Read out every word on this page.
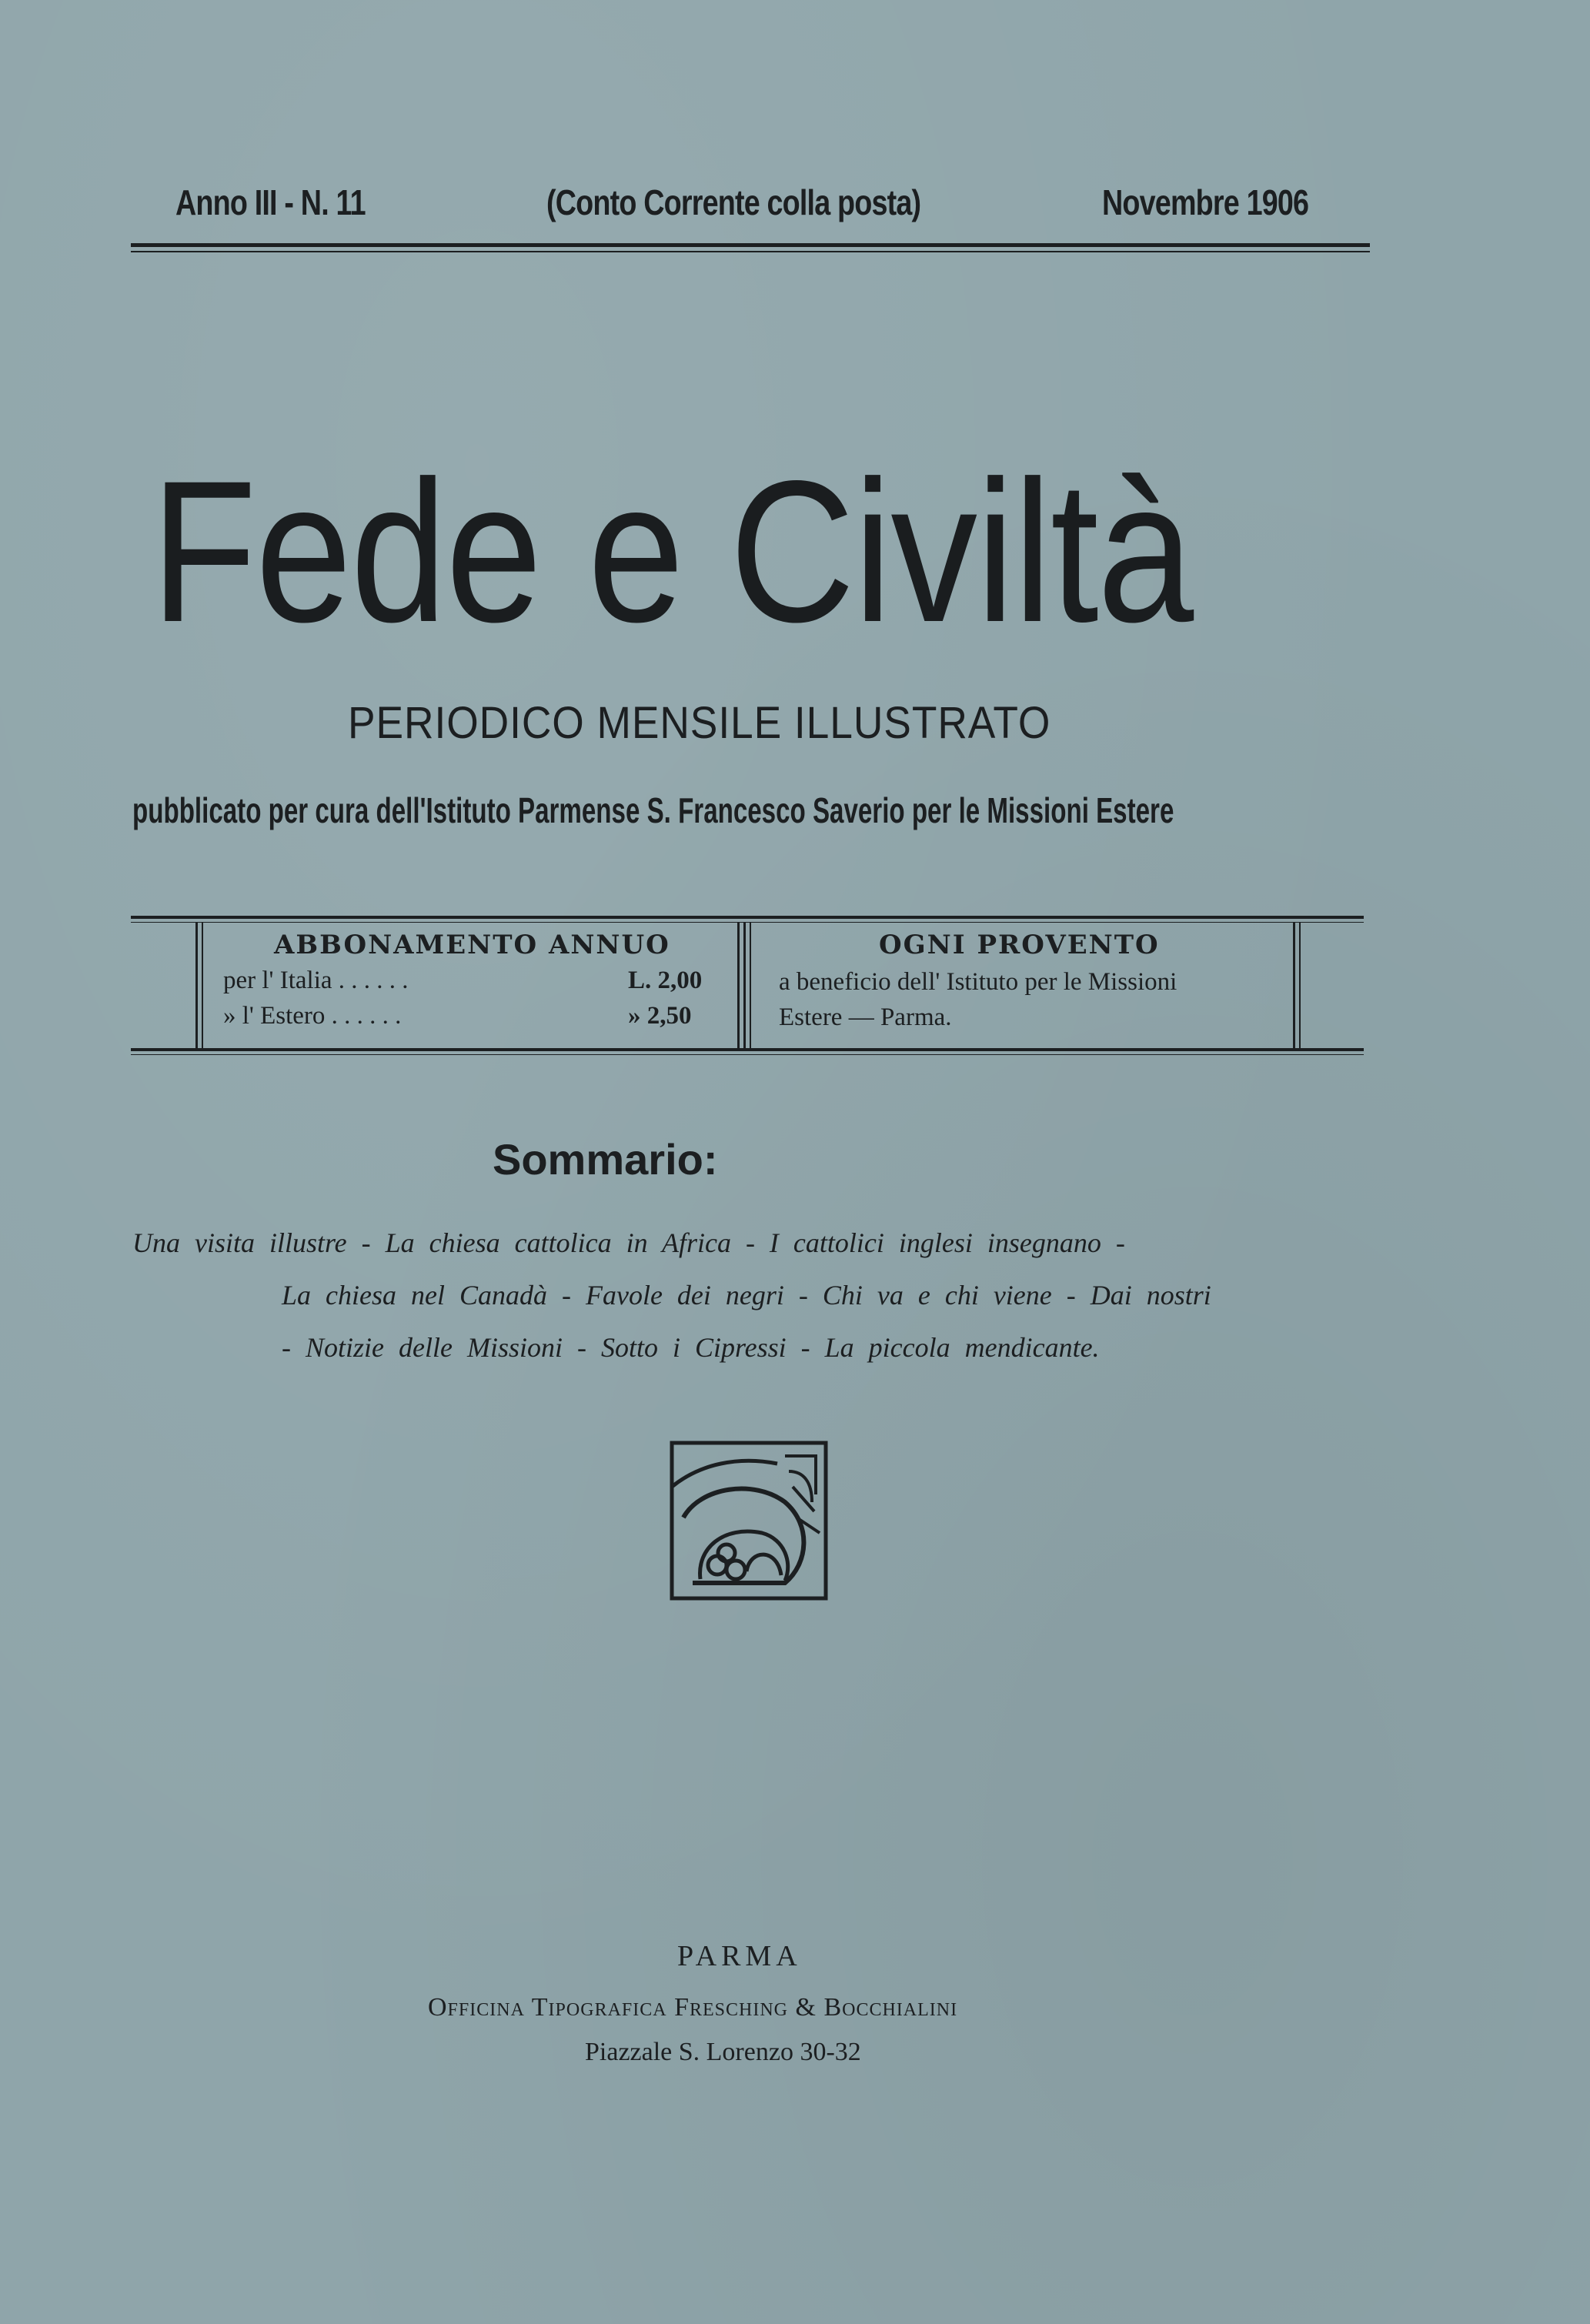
Anno III - N. 11	(Conto Corrente colla posta)	Novembre 1906
Fede e Civiltà
PERIODICO MENSILE ILLUSTRATO
pubblicato per cura dell'Istituto Parmense S. Francesco Saverio per le Missioni Estere
ABBONAMENTO ANNUO
per l' Italia . . . . . .	L. 2,00
» l' Estero . . . . . .	» 2,50
OGNI PROVENTO
a beneficio dell' Istituto per le Missioni
Estere — Parma.
Sommario:
Una visita illustre - La chiesa cattolica in Africa - I cattolici inglesi insegnano -
La chiesa nel Canadà - Favole dei negri - Chi va e chi viene - Dai nostri
- Notizie delle Missioni - Sotto i Cipressi - La piccola mendicante.
PARMA
Officina Tipografica Fresching & Bocchialini
Piazzale S. Lorenzo 30-32
